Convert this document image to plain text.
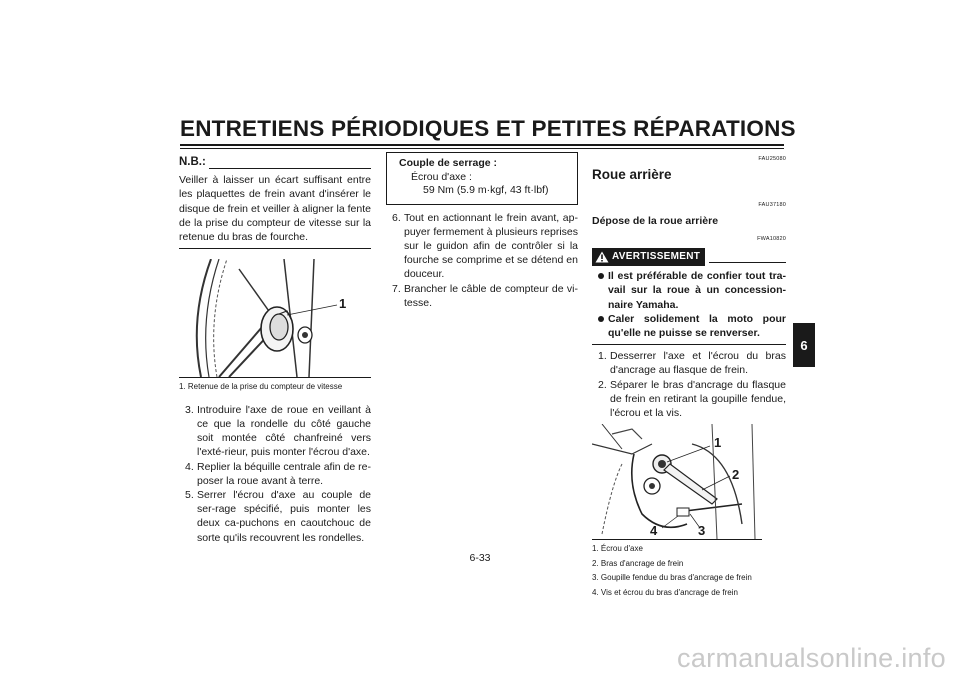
ENTRETIENS PÉRIODIQUES ET PETITES RÉPARATIONS
6
N.B.:
Veiller à laisser un écart suffisant entre les plaquettes de frein avant d'insérer le disque de frein et veiller à aligner la fente de la prise du compteur de vitesse sur la retenue du bras de fourche.
1
1. Retenue de la prise du compteur de vitesse
3. Introduire l'axe de roue en veillant à ce que la rondelle du côté gauche soit montée côté chanfreiné vers l'exté-rieur, puis monter l'écrou d'axe.
4. Replier la béquille centrale afin de re-poser la roue avant à terre.
5. Serrer l'écrou d'axe au couple de ser-rage spécifié, puis monter les deux ca-puchons en caoutchouc de sorte qu'ils recouvrent les rondelles.
Couple de serrage :
Écrou d'axe :
59 Nm (5.9 m·kgf, 43 ft·lbf)
6. Tout en actionnant le frein avant, ap-puyer fermement à plusieurs reprises sur le guidon afin de contrôler si la fourche se comprime et se détend en douceur.
7. Brancher le câble de compteur de vi-tesse.
FAU25080
Roue arrière
FAU37180
Dépose de la roue arrière
FWA10820
AVERTISSEMENT
Il est préférable de confier tout tra-vail sur la roue à un concession-naire Yamaha.
Caler solidement la moto pour qu'elle ne puisse se renverser.
1. Desserrer l'axe et l'écrou du bras d'ancrage au flasque de frein.
2. Séparer le bras d'ancrage du flasque de frein en retirant la goupille fendue, l'écrou et la vis.
1
2
3
4
1. Écrou d'axe
2. Bras d'ancrage de frein
3. Goupille fendue du bras d'ancrage de frein
4. Vis et écrou du bras d'ancrage de frein
6-33
carmanualsonline.info
